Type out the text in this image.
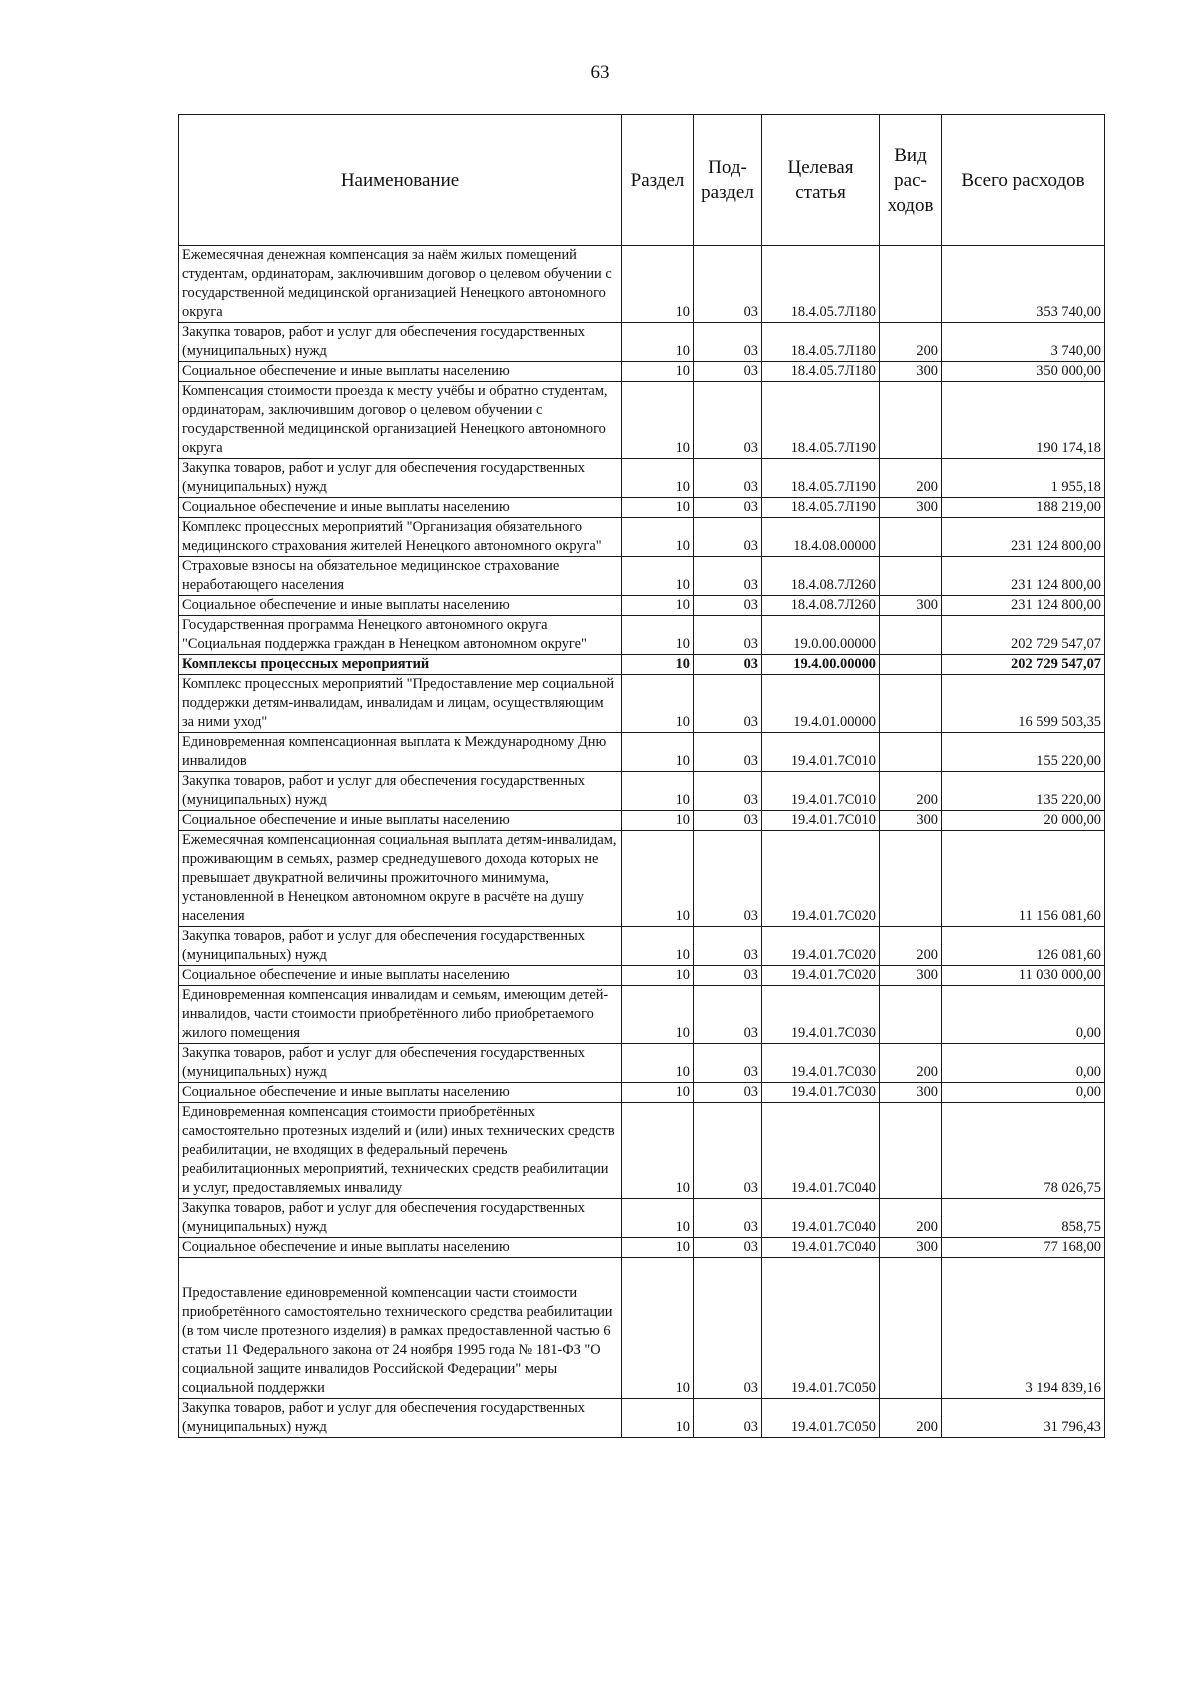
63
Наименование	Раздел	Под-раздел	Целевая статья	Вид рас-ходов	Всего расходов
Ежемесячная денежная компенсация за наём жилых помещений студентам, ординаторам, заключившим договор о целевом обучении с государственной медицинской организацией Ненецкого автономного округа	10	03	18.4.05.7Л180		353 740,00
Закупка товаров, работ и услуг для обеспечения государственных (муниципальных) нужд	10	03	18.4.05.7Л180	200	3 740,00
Социальное обеспечение и иные выплаты населению	10	03	18.4.05.7Л180	300	350 000,00
Компенсация стоимости проезда к месту учёбы и обратно студентам, ординаторам, заключившим договор о целевом обучении с государственной медицинской организацией Ненецкого автономного округа	10	03	18.4.05.7Л190		190 174,18
Закупка товаров, работ и услуг для обеспечения государственных (муниципальных) нужд	10	03	18.4.05.7Л190	200	1 955,18
Социальное обеспечение и иные выплаты населению	10	03	18.4.05.7Л190	300	188 219,00
Комплекс процессных мероприятий "Организация обязательного медицинского страхования жителей Ненецкого автономного округа"	10	03	18.4.08.00000		231 124 800,00
Страховые взносы на обязательное медицинское страхование неработающего населения	10	03	18.4.08.7Л260		231 124 800,00
Социальное обеспечение и иные выплаты населению	10	03	18.4.08.7Л260	300	231 124 800,00
Государственная программа Ненецкого автономного округа "Социальная поддержка граждан в Ненецком автономном округе"	10	03	19.0.00.00000		202 729 547,07
Комплексы процессных мероприятий	10	03	19.4.00.00000		202 729 547,07
Комплекс процессных мероприятий "Предоставление мер социальной поддержки детям-инвалидам, инвалидам и лицам, осуществляющим за ними уход"	10	03	19.4.01.00000		16 599 503,35
Единовременная компенсационная выплата к Международному Дню инвалидов	10	03	19.4.01.7С010		155 220,00
Закупка товаров, работ и услуг для обеспечения государственных (муниципальных) нужд	10	03	19.4.01.7С010	200	135 220,00
Социальное обеспечение и иные выплаты населению	10	03	19.4.01.7С010	300	20 000,00
Ежемесячная компенсационная социальная выплата детям-инвалидам, проживающим в семьях, размер среднедушевого дохода которых не превышает двукратной величины прожиточного минимума, установленной в Ненецком автономном округе в расчёте на душу населения	10	03	19.4.01.7С020		11 156 081,60
Закупка товаров, работ и услуг для обеспечения государственных (муниципальных) нужд	10	03	19.4.01.7С020	200	126 081,60
Социальное обеспечение и иные выплаты населению	10	03	19.4.01.7С020	300	11 030 000,00
Единовременная компенсация инвалидам и семьям, имеющим детей-инвалидов, части стоимости приобретённого либо приобретаемого жилого помещения	10	03	19.4.01.7С030		0,00
Закупка товаров, работ и услуг для обеспечения государственных (муниципальных) нужд	10	03	19.4.01.7С030	200	0,00
Социальное обеспечение и иные выплаты населению	10	03	19.4.01.7С030	300	0,00
Единовременная компенсация стоимости приобретённых самостоятельно протезных изделий и (или) иных технических средств реабилитации, не входящих в федеральный перечень реабилитационных мероприятий, технических средств реабилитации и услуг, предоставляемых инвалиду	10	03	19.4.01.7С040		78 026,75
Закупка товаров, работ и услуг для обеспечения государственных (муниципальных) нужд	10	03	19.4.01.7С040	200	858,75
Социальное обеспечение и иные выплаты населению	10	03	19.4.01.7С040	300	77 168,00
Предоставление единовременной компенсации части стоимости приобретённого самостоятельно технического средства реабилитации (в том числе протезного изделия) в рамках предоставленной частью 6 статьи 11 Федерального закона от 24 ноября 1995 года № 181-ФЗ "О социальной защите инвалидов Российской Федерации" меры социальной поддержки	10	03	19.4.01.7С050		3 194 839,16
Закупка товаров, работ и услуг для обеспечения государственных (муниципальных) нужд	10	03	19.4.01.7С050	200	31 796,43
